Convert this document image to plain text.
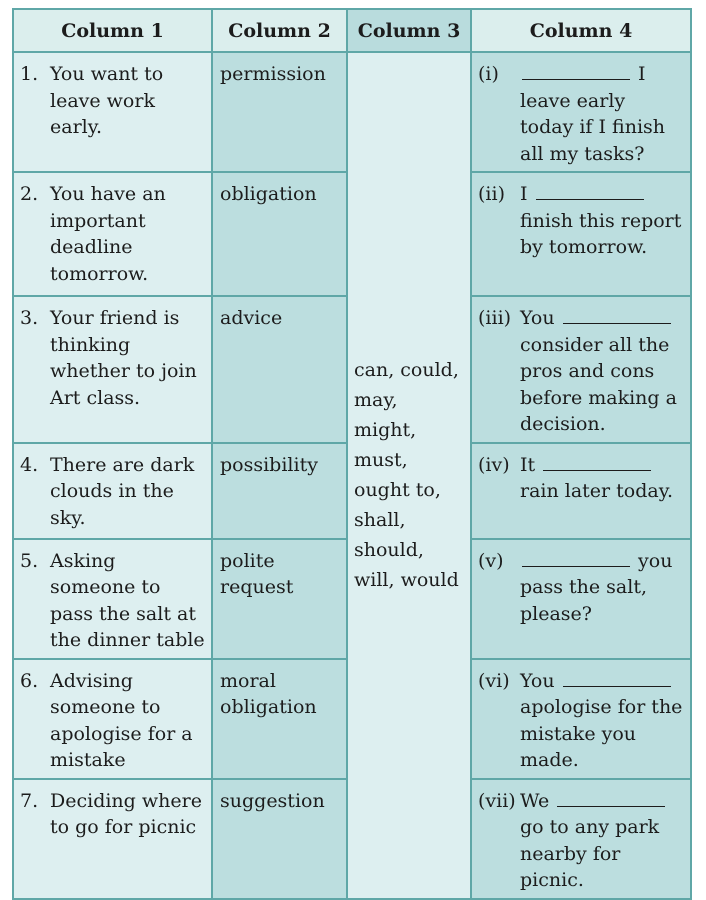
Column 1	Column 2	Column 3	Column 4

1. You want to leave work early.	permission	can, could, may, might, must, ought to, shall, should, will, would	(i) I leave early today if I finish all my tasks?

2. You have an important deadline tomorrow.	obligation		(ii) I  finish this report by tomorrow.

3. Your friend is thinking whether to join Art class.	advice		(iii) You  consider all the pros and cons before making a decision.

4. There are dark clouds in the sky.	possibility		(iv) It  rain later today.

5. Asking someone to pass the salt at the dinner table	polite request		(v) you pass the salt, please?

6. Advising someone to apologise for a mistake	moral obligation		(vi) You  apologise for the mistake you made.

7. Deciding where to go for picnic	suggestion		(vii) We  go to any park nearby for picnic.
